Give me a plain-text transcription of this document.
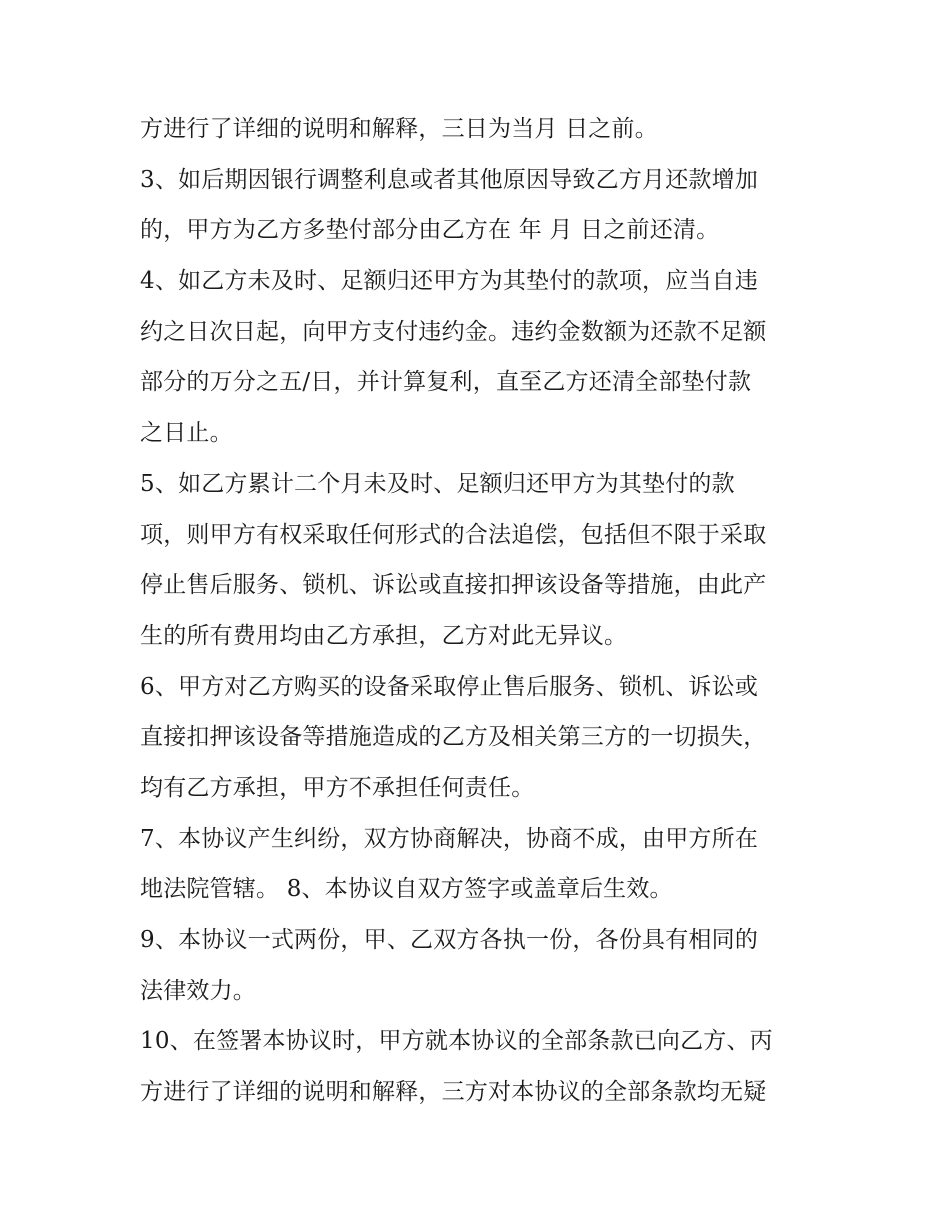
方进行了详细的说明和解释，三日为当月 日之前。
3、如后期因银行调整利息或者其他原因导致乙方月还款增加
的，甲方为乙方多垫付部分由乙方在 年 月 日之前还清。
4、如乙方未及时、足额归还甲方为其垫付的款项，应当自违
约之日次日起，向甲方支付违约金。违约金数额为还款不足额
部分的万分之五/日，并计算复利，直至乙方还清全部垫付款
之日止。
5、如乙方累计二个月未及时、足额归还甲方为其垫付的款
项，则甲方有权采取任何形式的合法追偿，包括但不限于采取
停止售后服务、锁机、诉讼或直接扣押该设备等措施，由此产
生的所有费用均由乙方承担，乙方对此无异议。
6、甲方对乙方购买的设备采取停止售后服务、锁机、诉讼或
直接扣押该设备等措施造成的乙方及相关第三方的一切损失，
均有乙方承担，甲方不承担任何责任。
7、本协议产生纠纷，双方协商解决，协商不成，由甲方所在
地法院管辖。 8、本协议自双方签字或盖章后生效。
9、本协议一式两份，甲、乙双方各执一份，各份具有相同的
法律效力。
10、在签署本协议时，甲方就本协议的全部条款已向乙方、丙
方进行了详细的说明和解释，三方对本协议的全部条款均无疑
